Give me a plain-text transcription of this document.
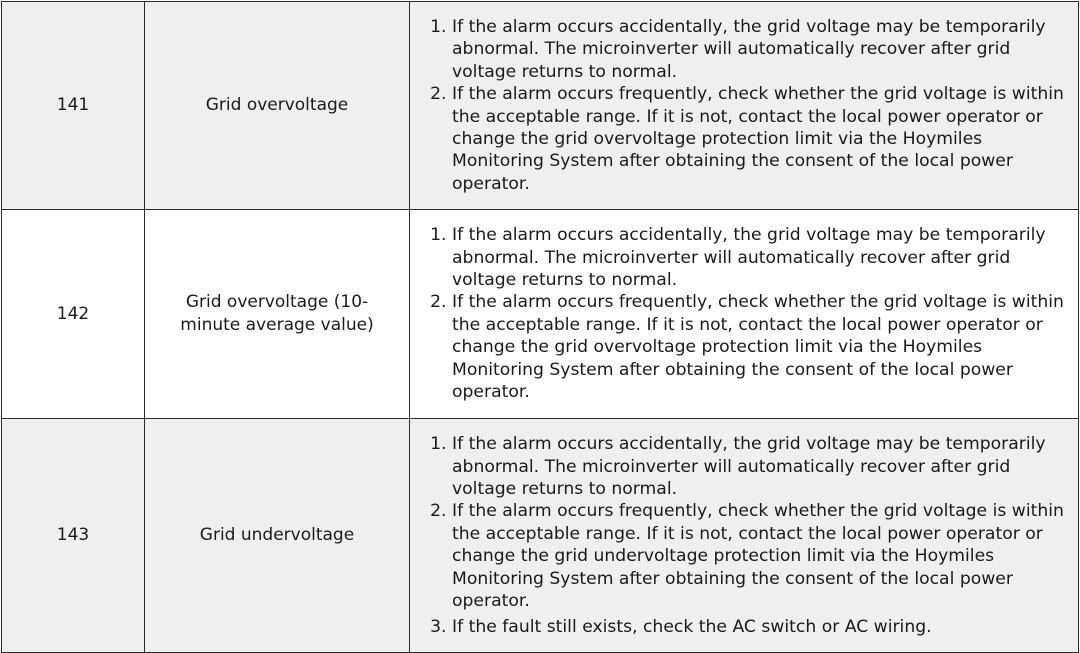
141	Grid overvoltage	
1. If the alarm occurs accidentally, the grid voltage may be temporarily abnormal. The microinverter will automatically recover after grid voltage returns to normal.
2. If the alarm occurs frequently, check whether the grid voltage is within the acceptable range. If it is not, contact the local power operator or change the grid overvoltage protection limit via the Hoymiles Monitoring System after obtaining the consent of the local power operator.

142	Grid overvoltage (10-minute average value)	
1. If the alarm occurs accidentally, the grid voltage may be temporarily abnormal. The microinverter will automatically recover after grid voltage returns to normal.
2. If the alarm occurs frequently, check whether the grid voltage is within the acceptable range. If it is not, contact the local power operator or change the grid overvoltage protection limit via the Hoymiles Monitoring System after obtaining the consent of the local power operator.

143	Grid undervoltage	
1. If the alarm occurs accidentally, the grid voltage may be temporarily abnormal. The microinverter will automatically recover after grid voltage returns to normal.
2. If the alarm occurs frequently, check whether the grid voltage is within the acceptable range. If it is not, contact the local power operator or change the grid undervoltage protection limit via the Hoymiles Monitoring System after obtaining the consent of the local power operator.
3. If the fault still exists, check the AC switch or AC wiring.
